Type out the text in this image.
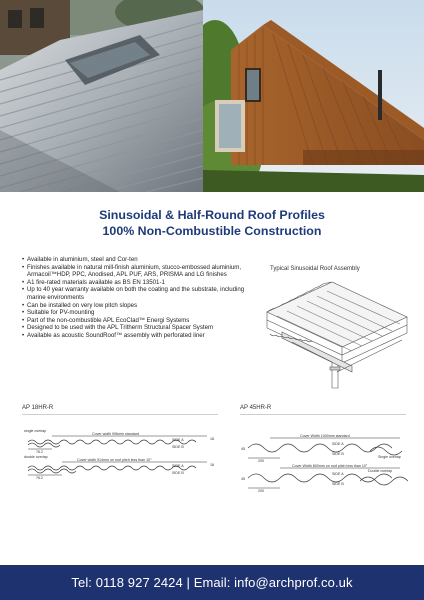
Sinusoidal & Half-Round Roof Profiles

100% Non-Combustible Construction

• Available in aluminium, steel and Cor-ten
• Finishes available in natural mill-finish aluminium, stucco-embossed aluminium, Armacoil™HDP, PPC, Anodised, APL PUF, ARS, PRISMA and LG finishes
• A1 fire-rated materials available as BS EN 13501-1
• Up to 40 year warranty available on both the coating and the substrate, including marine environments
• Can be installed on very low pitch slopes
• Suitable for PV-mounting
• Part of the non-combustible APL EcoClad™ Energi Systems
• Designed to be used with the APL Tritherm Structural Spacer System
• Available as acoustic SoundRoof™ assembly with perforated liner
Typical Sinusoidal Roof Assembly
AP 18HR-R	AP 45HR-R
single overlap
double overlap
Cover width 996mm standard
Cover width 914mm on roof pitch less than 10°
SIDE A
SIDE B
SIDE A
SIDE B
76.2
76.2
18
18
Cover Width 1000mm standard
Cover Width 800mm on roof pitch less than 10°
Single overlap
Double overlap
SIDE A
SIDE B
SIDE A
SIDE B
200
200
45
45
Tel: 0118 927 2424 | Email: info@archprof.co.uk
